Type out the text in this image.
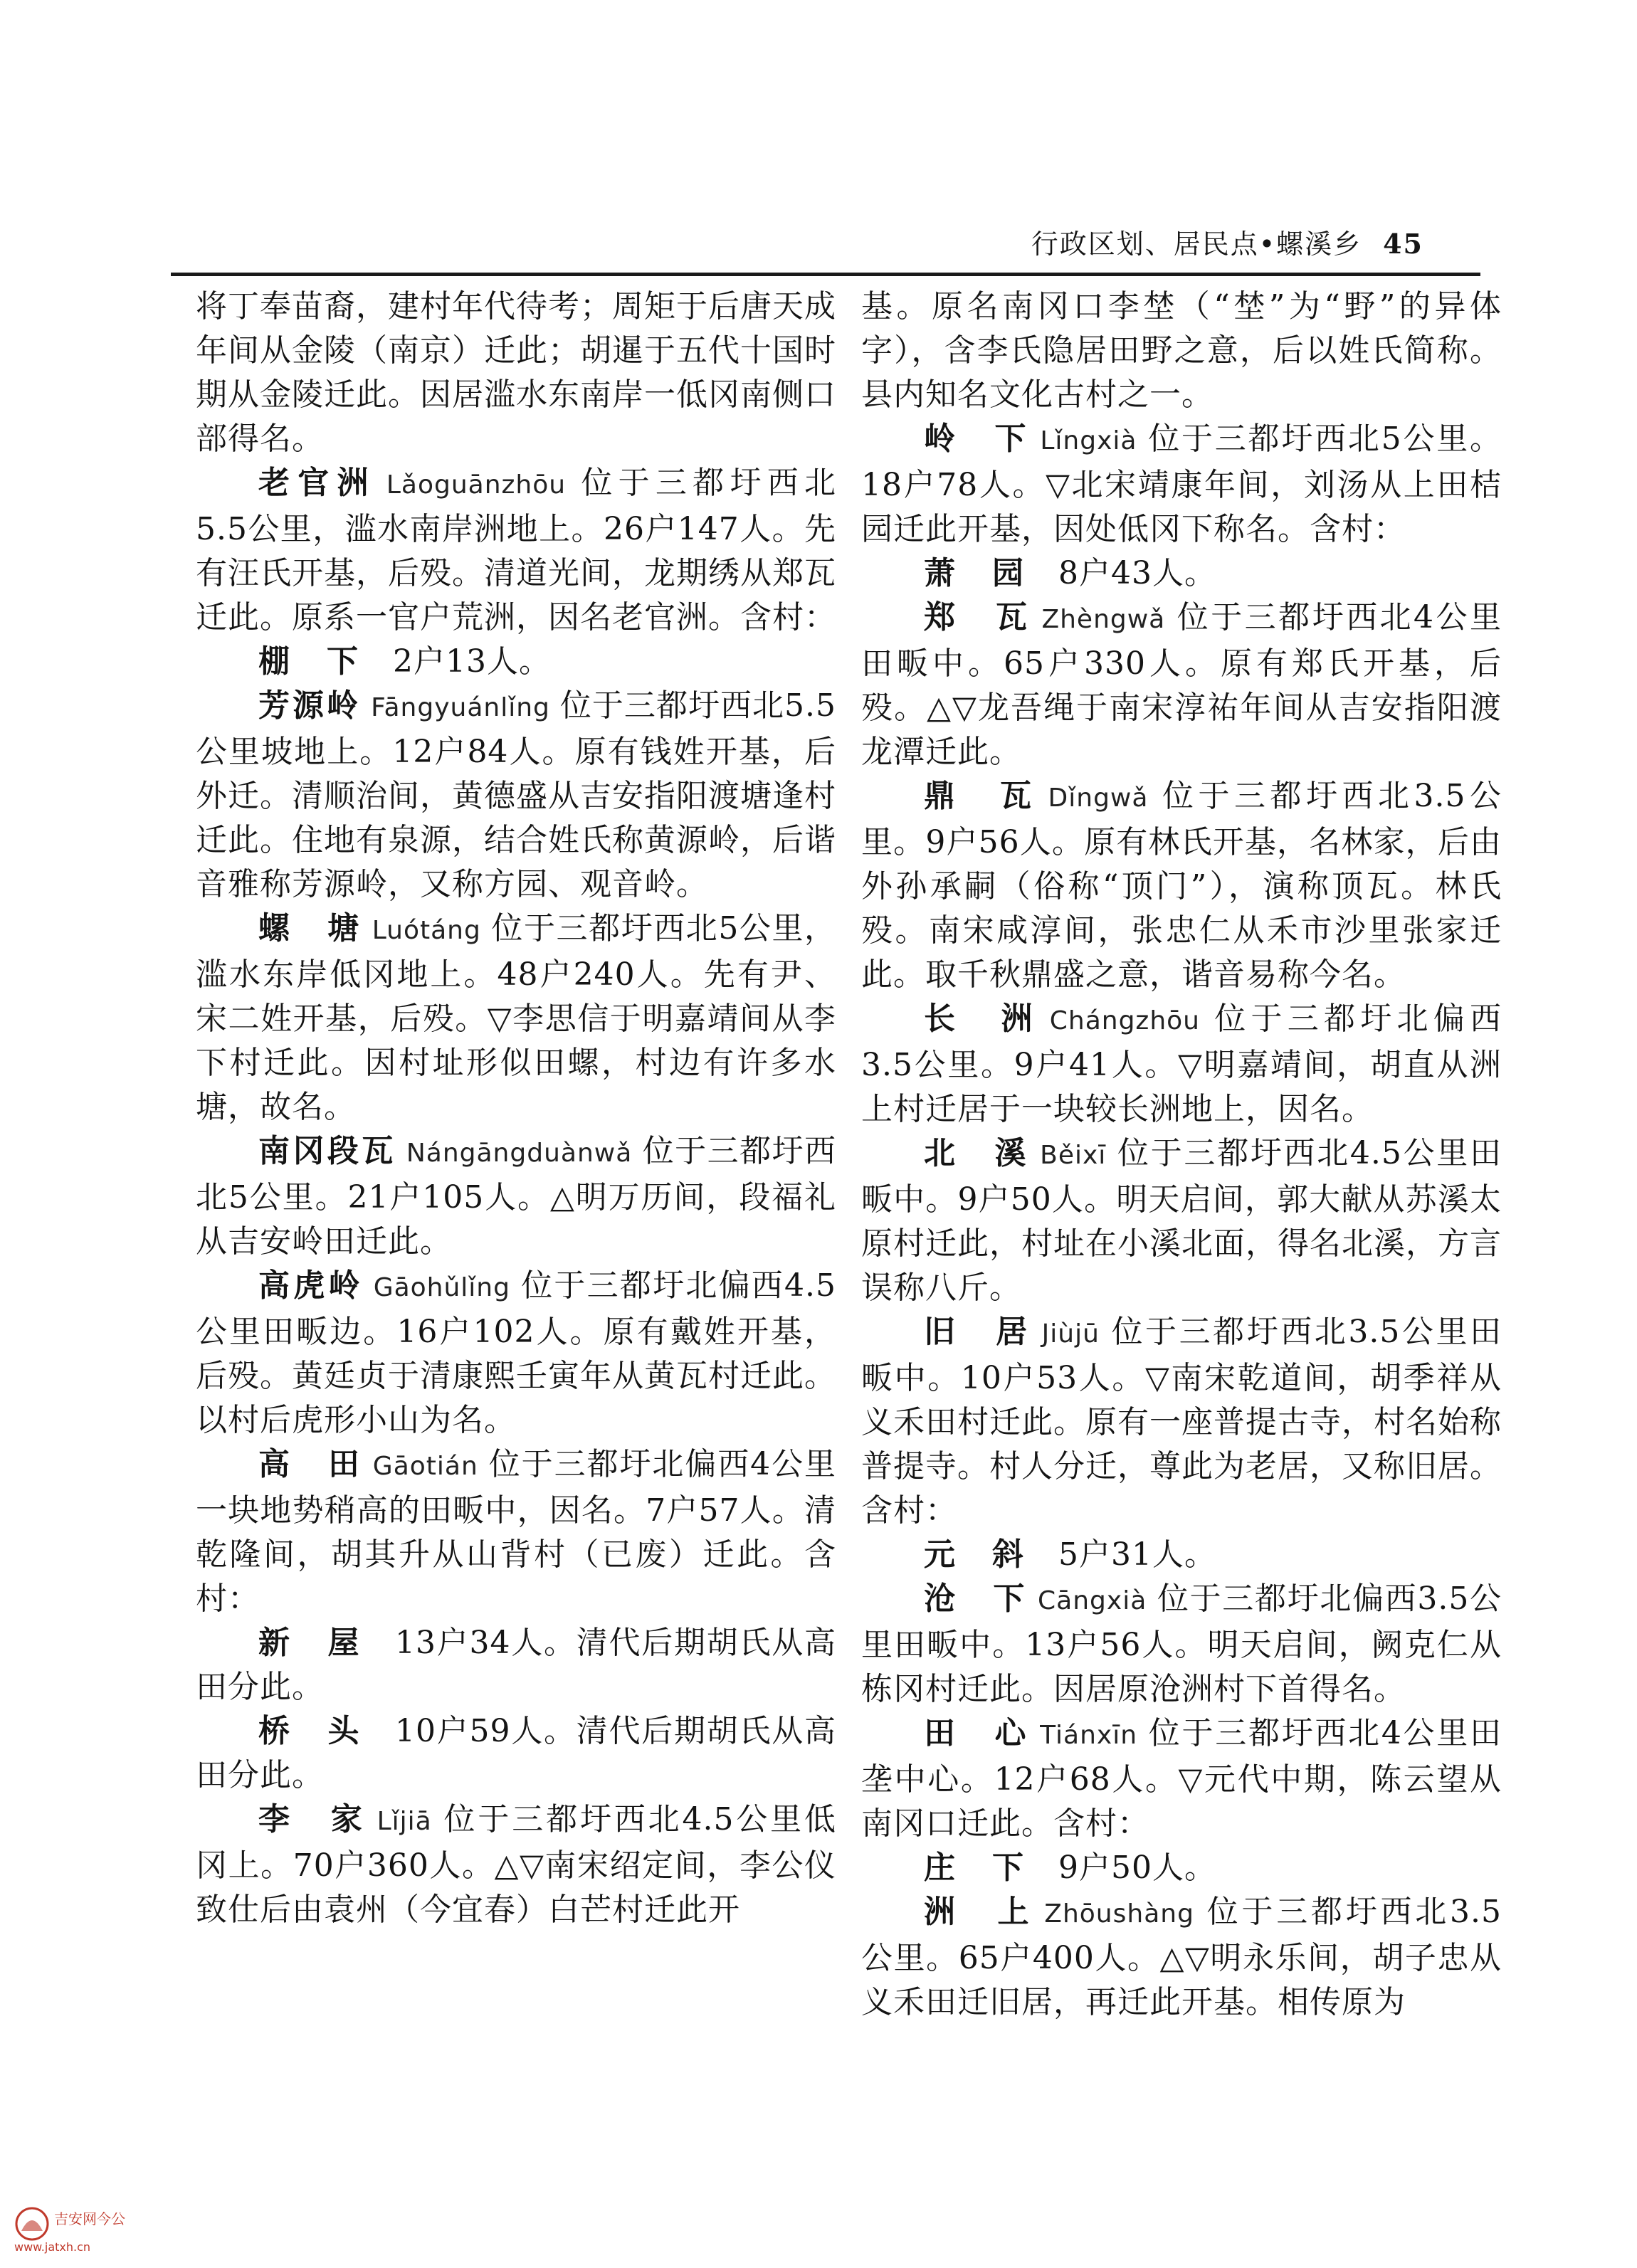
行政区划、居民点•螺溪乡 45

将丁奉苗裔，建村年代待考；周矩于后唐天成年间从金陵（南京）迁此；胡暹于五代十国时期从金陵迁此。因居滥水东南岸一低冈南侧口部得名。

老官洲 Lǎoguānzhōu 位于三都圩西北5.5公里，滥水南岸洲地上。26户147人。先有汪氏开基，后殁。清道光间，龙期绣从郑瓦迁此。原系一官户荒洲，因名老官洲。含村：

棚　下　 2户13人。

芳源岭 Fāngyuánlǐng 位于三都圩西北5.5公里坡地上。12户84人。原有钱姓开基，后外迁。清顺治间，黄德盛从吉安指阳渡塘逢村迁此。住地有泉源，结合姓氏称黄源岭，后谐音雅称芳源岭，又称方园、观音岭。

螺　塘 Luótáng 位于三都圩西北5公里，滥水东岸低冈地上。48户240人。先有尹、宋二姓开基，后殁。▽李思信于明嘉靖间从李下村迁此。因村址形似田螺，村边有许多水塘，故名。

南冈段瓦 Nángāngduànwǎ 位于三都圩西北5公里。21户105人。△明万历间，段福礼从吉安岭田迁此。

高虎岭 Gāohǔlǐng 位于三都圩北偏西4.5公里田畈边。16户102人。原有戴姓开基，后殁。黄廷贞于清康熙壬寅年从黄瓦村迁此。以村后虎形小山为名。

高　田 Gāotián 位于三都圩北偏西4公里一块地势稍高的田畈中，因名。7户57人。清乾隆间，胡其升从山背村（已废）迁此。含村：

新　屋　 13户34人。清代后期胡氏从高田分此。

桥　头　 10户59人。清代后期胡氏从高田分此。

李　家 Lǐjiā 位于三都圩西北4.5公里低冈上。70户360人。△▽南宋绍定间，李公仪致仕后由袁州（今宜春）白芒村迁此开

基。原名南冈口李埜（“埜”为“野”的异体字），含李氏隐居田野之意，后以姓氏简称。县内知名文化古村之一。

岭　下 Lǐngxià 位于三都圩西北5公里。18户78人。▽北宋靖康年间，刘汤从上田桔园迁此开基，因处低冈下称名。含村：

萧　园　 8户43人。

郑　瓦 Zhèngwǎ 位于三都圩西北4公里田畈中。65户330人。原有郑氏开基，后殁。△▽龙吾绳于南宋淳祐年间从吉安指阳渡龙潭迁此。

鼎　瓦 Dǐngwǎ 位于三都圩西北3.5公里。9户56人。原有林氏开基，名林家，后由外孙承嗣（俗称“顶门”），演称顶瓦。林氏殁。南宋咸淳间，张忠仁从禾市沙里张家迁此。取千秋鼎盛之意，谐音易称今名。

长　洲 Chángzhōu 位于三都圩北偏西3.5公里。9户41人。▽明嘉靖间，胡直从洲上村迁居于一块较长洲地上，因名。

北　溪 Běixī 位于三都圩西北4.5公里田畈中。9户50人。明天启间，郭大献从苏溪太原村迁此，村址在小溪北面，得名北溪，方言误称八斤。

旧　居 Jiùjū 位于三都圩西北3.5公里田畈中。10户53人。▽南宋乾道间，胡季祥从义禾田村迁此。原有一座普提古寺，村名始称普提寺。村人分迁，尊此为老居，又称旧居。含村：

元　斜　 5户31人。

沧　下 Cāngxià 位于三都圩北偏西3.5公里田畈中。13户56人。明天启间，阙克仁从栋冈村迁此。因居原沧洲村下首得名。

田　心 Tiánxīn 位于三都圩西北4公里田垄中心。12户68人。▽元代中期，陈云望从南冈口迁此。含村：

庄　下　 9户50人。

洲　上 Zhōushàng 位于三都圩西北3.5公里。65户400人。△▽明永乐间，胡子忠从义禾田迁旧居，再迁此开基。相传原为

吉安网今公
www.jatxh.cn
